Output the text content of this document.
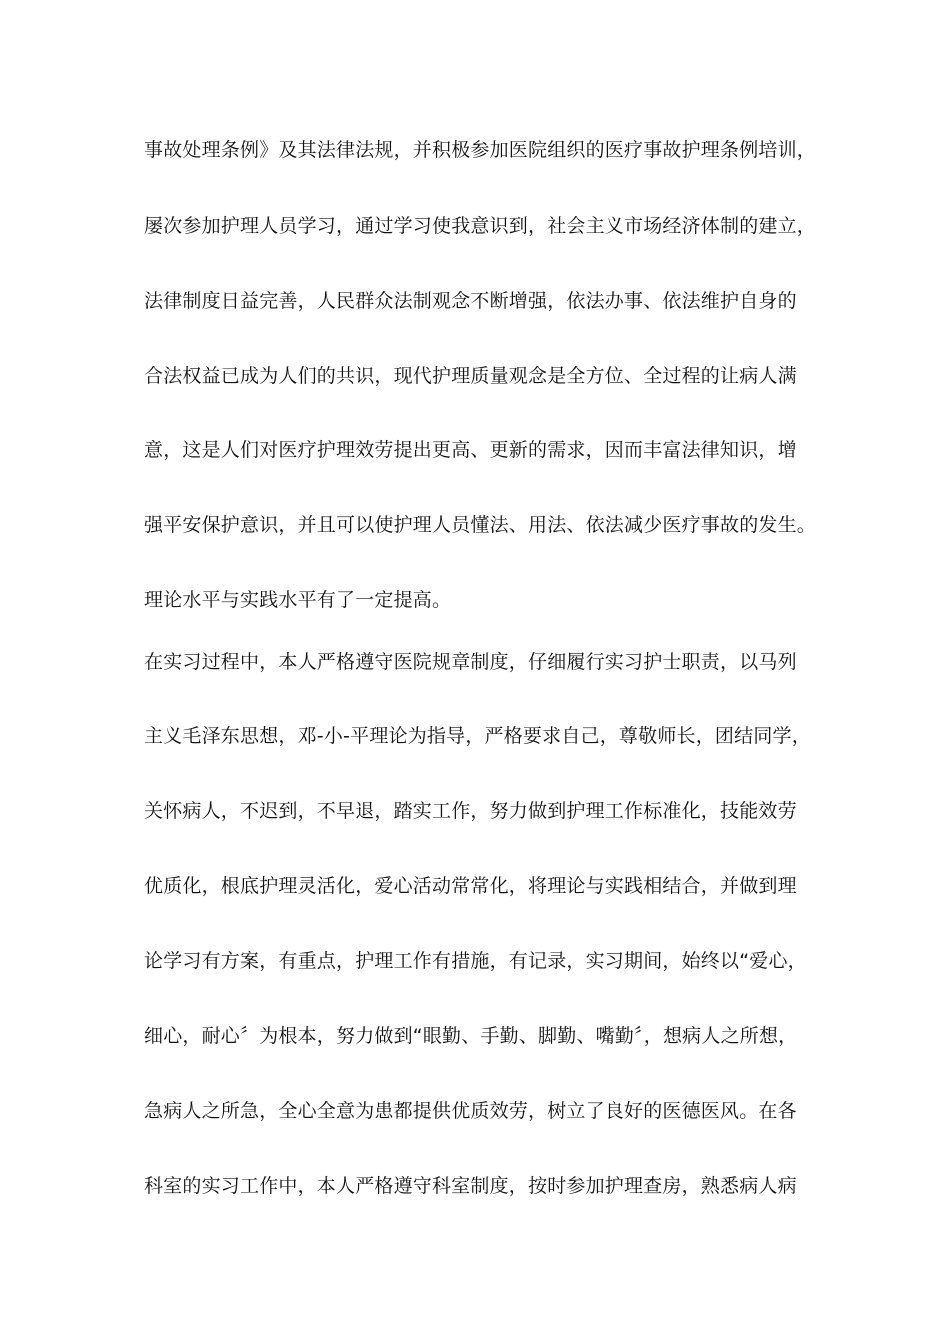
事故处理条例》及其法律法规，并积极参加医院组织的医疗事故护理条例培训，
屡次参加护理人员学习，通过学习使我意识到，社会主义市场经济体制的建立，
法律制度日益完善，人民群众法制观念不断增强，依法办事、依法维护自身的
合法权益已成为人们的共识，现代护理质量观念是全方位、全过程的让病人满
意，这是人们对医疗护理效劳提出更高、更新的需求，因而丰富法律知识，增
强平安保护意识，并且可以使护理人员懂法、用法、依法减少医疗事故的发生。
理论水平与实践水平有了一定提高。
在实习过程中，本人严格遵守医院规章制度，仔细履行实习护士职责，以马列
主义毛泽东思想，邓-小-平理论为指导，严格要求自己，尊敬师长，团结同学，
关怀病人，不迟到，不早退，踏实工作，努力做到护理工作标准化，技能效劳
优质化，根底护理灵活化，爱心活动常常化，将理论与实践相结合，并做到理
论学习有方案，有重点，护理工作有措施，有记录，实习期间，始终以“爱心，
细心，耐心〞为根本，努力做到“眼勤、手勤、脚勤、嘴勤〞，想病人之所想，
急病人之所急，全心全意为患都提供优质效劳，树立了良好的医德医风。在各
科室的实习工作中，本人严格遵守科室制度，按时参加护理查房，熟悉病人病
